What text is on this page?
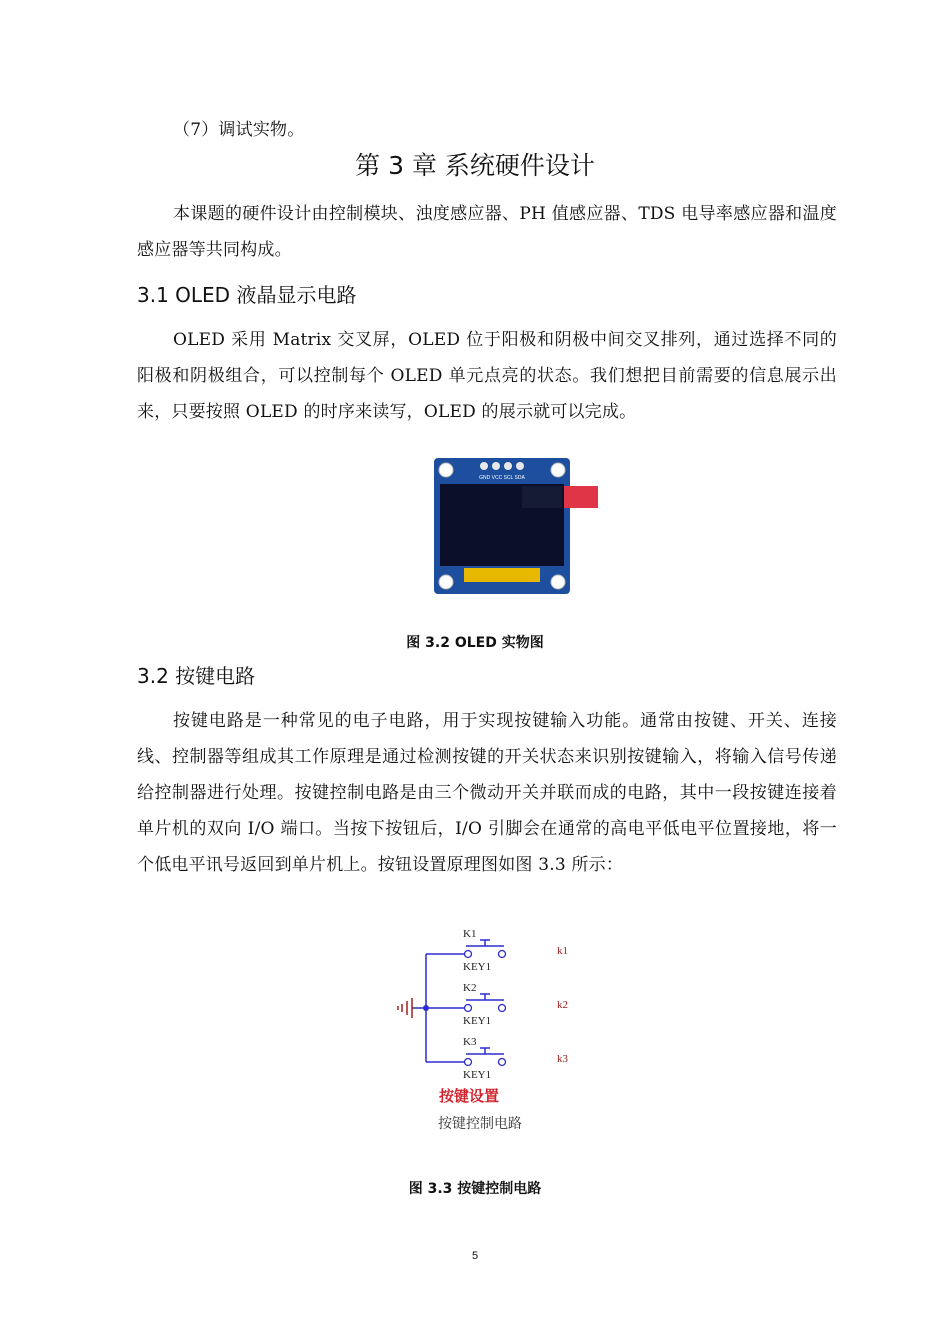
（7）调试实物。

第 3 章 系统硬件设计

本课题的硬件设计由控制模块、浊度感应器、PH 值感应器、TDS 电导率感应器和温度感应器等共同构成。

3.1 OLED 液晶显示电路

OLED 采用 Matrix 交叉屏，OLED 位于阳极和阴极中间交叉排列，通过选择不同的阳极和阴极组合，可以控制每个 OLED 单元点亮的状态。我们想把目前需要的信息展示出来，只要按照 OLED 的时序来读写，OLED 的展示就可以完成。

GND VCC SCL SDA

图 3.2 OLED 实物图

3.2 按键电路

按键电路是一种常见的电子电路，用于实现按键输入功能。通常由按键、开关、连接线、控制器等组成其工作原理是通过检测按键的开关状态来识别按键输入，将输入信号传递给控制器进行处理。按键控制电路是由三个微动开关并联而成的电路，其中一段按键连接着单片机的双向 I/O 端口。当按下按钮后，I/O 引脚会在通常的高电平低电平位置接地，将一个低电平讯号返回到单片机上。按钮设置原理图如图 3.3 所示：

K1
KEY1
k1
K2
KEY1
k2
K3
KEY1
k3
按键设置
按键控制电路

图 3.3 按键控制电路

5
